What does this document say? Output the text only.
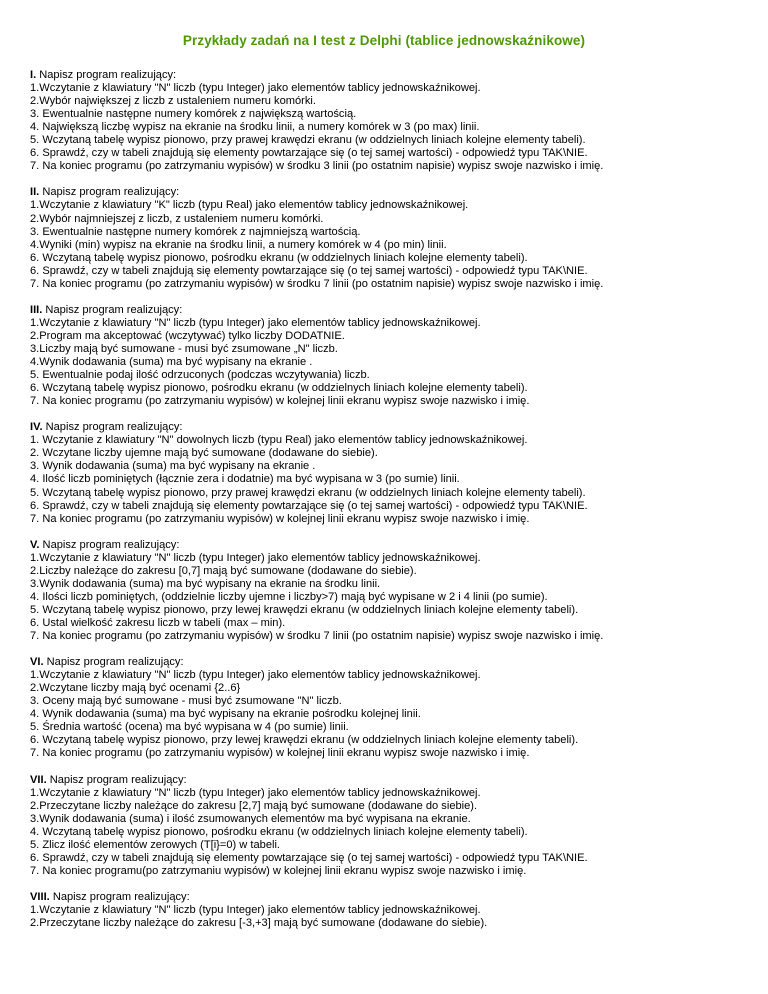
Przykłady zadań na I test z Delphi (tablice jednowskaźnikowe)
I. Napisz program realizujący:
1.Wczytanie z klawiatury "N" liczb (typu Integer) jako elementów tablicy jednowskaźnikowej.
2.Wybór największej z liczb z ustaleniem numeru komórki.
3. Ewentualnie następne numery komórek z największą wartością.
4. Największą liczbę wypisz na ekranie na środku linii, a numery komórek w 3 (po max) linii.
5. Wczytaną tabelę wypisz pionowo, przy prawej krawędzi ekranu (w oddzielnych liniach kolejne elementy tabeli).
6. Sprawdź, czy w tabeli znajdują się elementy powtarzające się (o tej samej wartości) - odpowiedź typu TAK\NIE.
7. Na koniec programu (po zatrzymaniu wypisów) w środku 3 linii (po ostatnim napisie) wypisz swoje nazwisko i imię.
II. Napisz program realizujący:
1.Wczytanie z klawiatury "K" liczb (typu Real) jako elementów tablicy jednowskaźnikowej.
2.Wybór najmniejszej z liczb, z ustaleniem numeru komórki.
3. Ewentualnie następne numery komórek z najmniejszą wartością.
4.Wyniki (min) wypisz na ekranie na środku linii, a numery komórek w 4 (po min) linii.
6. Wczytaną tabelę wypisz pionowo, pośrodku ekranu (w oddzielnych liniach kolejne elementy tabeli).
6. Sprawdź, czy w tabeli znajdują się elementy powtarzające się (o tej samej wartości) - odpowiedź typu TAK\NIE.
7. Na koniec programu (po zatrzymaniu wypisów) w środku 7 linii (po ostatnim napisie) wypisz swoje nazwisko i imię.
III. Napisz program realizujący:
1.Wczytanie z klawiatury "N" liczb (typu Integer) jako elementów tablicy jednowskaźnikowej.
2.Program ma akceptować (wczytywać) tylko liczby DODATNIE.
3.Liczby mają być sumowane - musi być zsumowane „N" liczb.
4.Wynik dodawania (suma) ma być wypisany na ekranie .
5. Ewentualnie podaj ilość odrzuconych (podczas wczytywania) liczb.
6. Wczytaną tabelę wypisz pionowo, pośrodku ekranu (w oddzielnych liniach kolejne elementy tabeli).
7. Na koniec programu (po zatrzymaniu wypisów) w kolejnej linii ekranu wypisz swoje nazwisko i imię.
IV. Napisz program realizujący:
1. Wczytanie z klawiatury "N" dowolnych liczb (typu Real) jako elementów tablicy jednowskaźnikowej.
2. Wczytane liczby ujemne mają być sumowane (dodawane do siebie).
3. Wynik dodawania (suma) ma być wypisany na ekranie .
4. Ilość liczb pominiętych (łącznie zera i dodatnie) ma być wypisana w 3 (po sumie) linii.
5. Wczytaną tabelę wypisz pionowo, przy prawej krawędzi ekranu (w oddzielnych liniach kolejne elementy tabeli).
6. Sprawdź, czy w tabeli znajdują się elementy powtarzające się (o tej samej wartości) - odpowiedź typu TAK\NIE.
7. Na koniec programu (po zatrzymaniu wypisów) w kolejnej linii ekranu wypisz swoje nazwisko i imię.
V. Napisz program realizujący:
1.Wczytanie z klawiatury "N" liczb (typu Integer) jako elementów tablicy jednowskaźnikowej.
2.Liczby należące do zakresu [0,7] mają być sumowane (dodawane do siebie).
3.Wynik dodawania (suma) ma być wypisany na ekranie na środku linii.
4. Ilości liczb pominiętych, (oddzielnie liczby ujemne i liczby>7) mają być wypisane w 2 i 4 linii (po sumie).
5. Wczytaną tabelę wypisz pionowo, przy lewej krawędzi ekranu (w oddzielnych liniach kolejne elementy tabeli).
6. Ustal wielkość zakresu liczb w tabeli (max – min).
7. Na koniec programu (po zatrzymaniu wypisów) w środku 7 linii (po ostatnim napisie) wypisz swoje nazwisko i imię.
VI. Napisz program realizujący:
1.Wczytanie z klawiatury "N" liczb (typu Integer) jako elementów tablicy jednowskaźnikowej.
2.Wczytane liczby mają być ocenami {2..6}
3. Oceny mają być sumowane - musi być zsumowane "N" liczb.
4. Wynik dodawania (suma) ma być wypisany na ekranie pośrodku kolejnej linii.
5. Średnia wartość (ocena) ma być wypisana w 4 (po sumie) linii.
6. Wczytaną tabelę wypisz pionowo, przy lewej krawędzi ekranu (w oddzielnych liniach kolejne elementy tabeli).
7. Na koniec programu (po zatrzymaniu wypisów) w kolejnej linii ekranu wypisz swoje nazwisko i imię.
VII. Napisz program realizujący:
1.Wczytanie z klawiatury "N" liczb (typu Integer) jako elementów tablicy jednowskaźnikowej.
2.Przeczytane liczby należące do zakresu [2,7] mają być sumowane (dodawane do siebie).
3.Wynik dodawania (suma) i ilość zsumowanych elementów ma być wypisana na ekranie.
4. Wczytaną tabelę wypisz pionowo, pośrodku ekranu (w oddzielnych liniach kolejne elementy tabeli).
5. Zlicz ilość elementów zerowych (T[i}=0) w tabeli.
6. Sprawdź, czy w tabeli znajdują się elementy powtarzające się (o tej samej wartości) - odpowiedź typu TAK\NIE.
7. Na koniec programu(po zatrzymaniu wypisów) w kolejnej linii ekranu wypisz swoje nazwisko i imię.
VIII. Napisz program realizujący:
1.Wczytanie z klawiatury "N" liczb (typu Integer) jako elementów tablicy jednowskaźnikowej.
2.Przeczytane liczby należące do zakresu [-3,+3] mają być sumowane (dodawane do siebie).
